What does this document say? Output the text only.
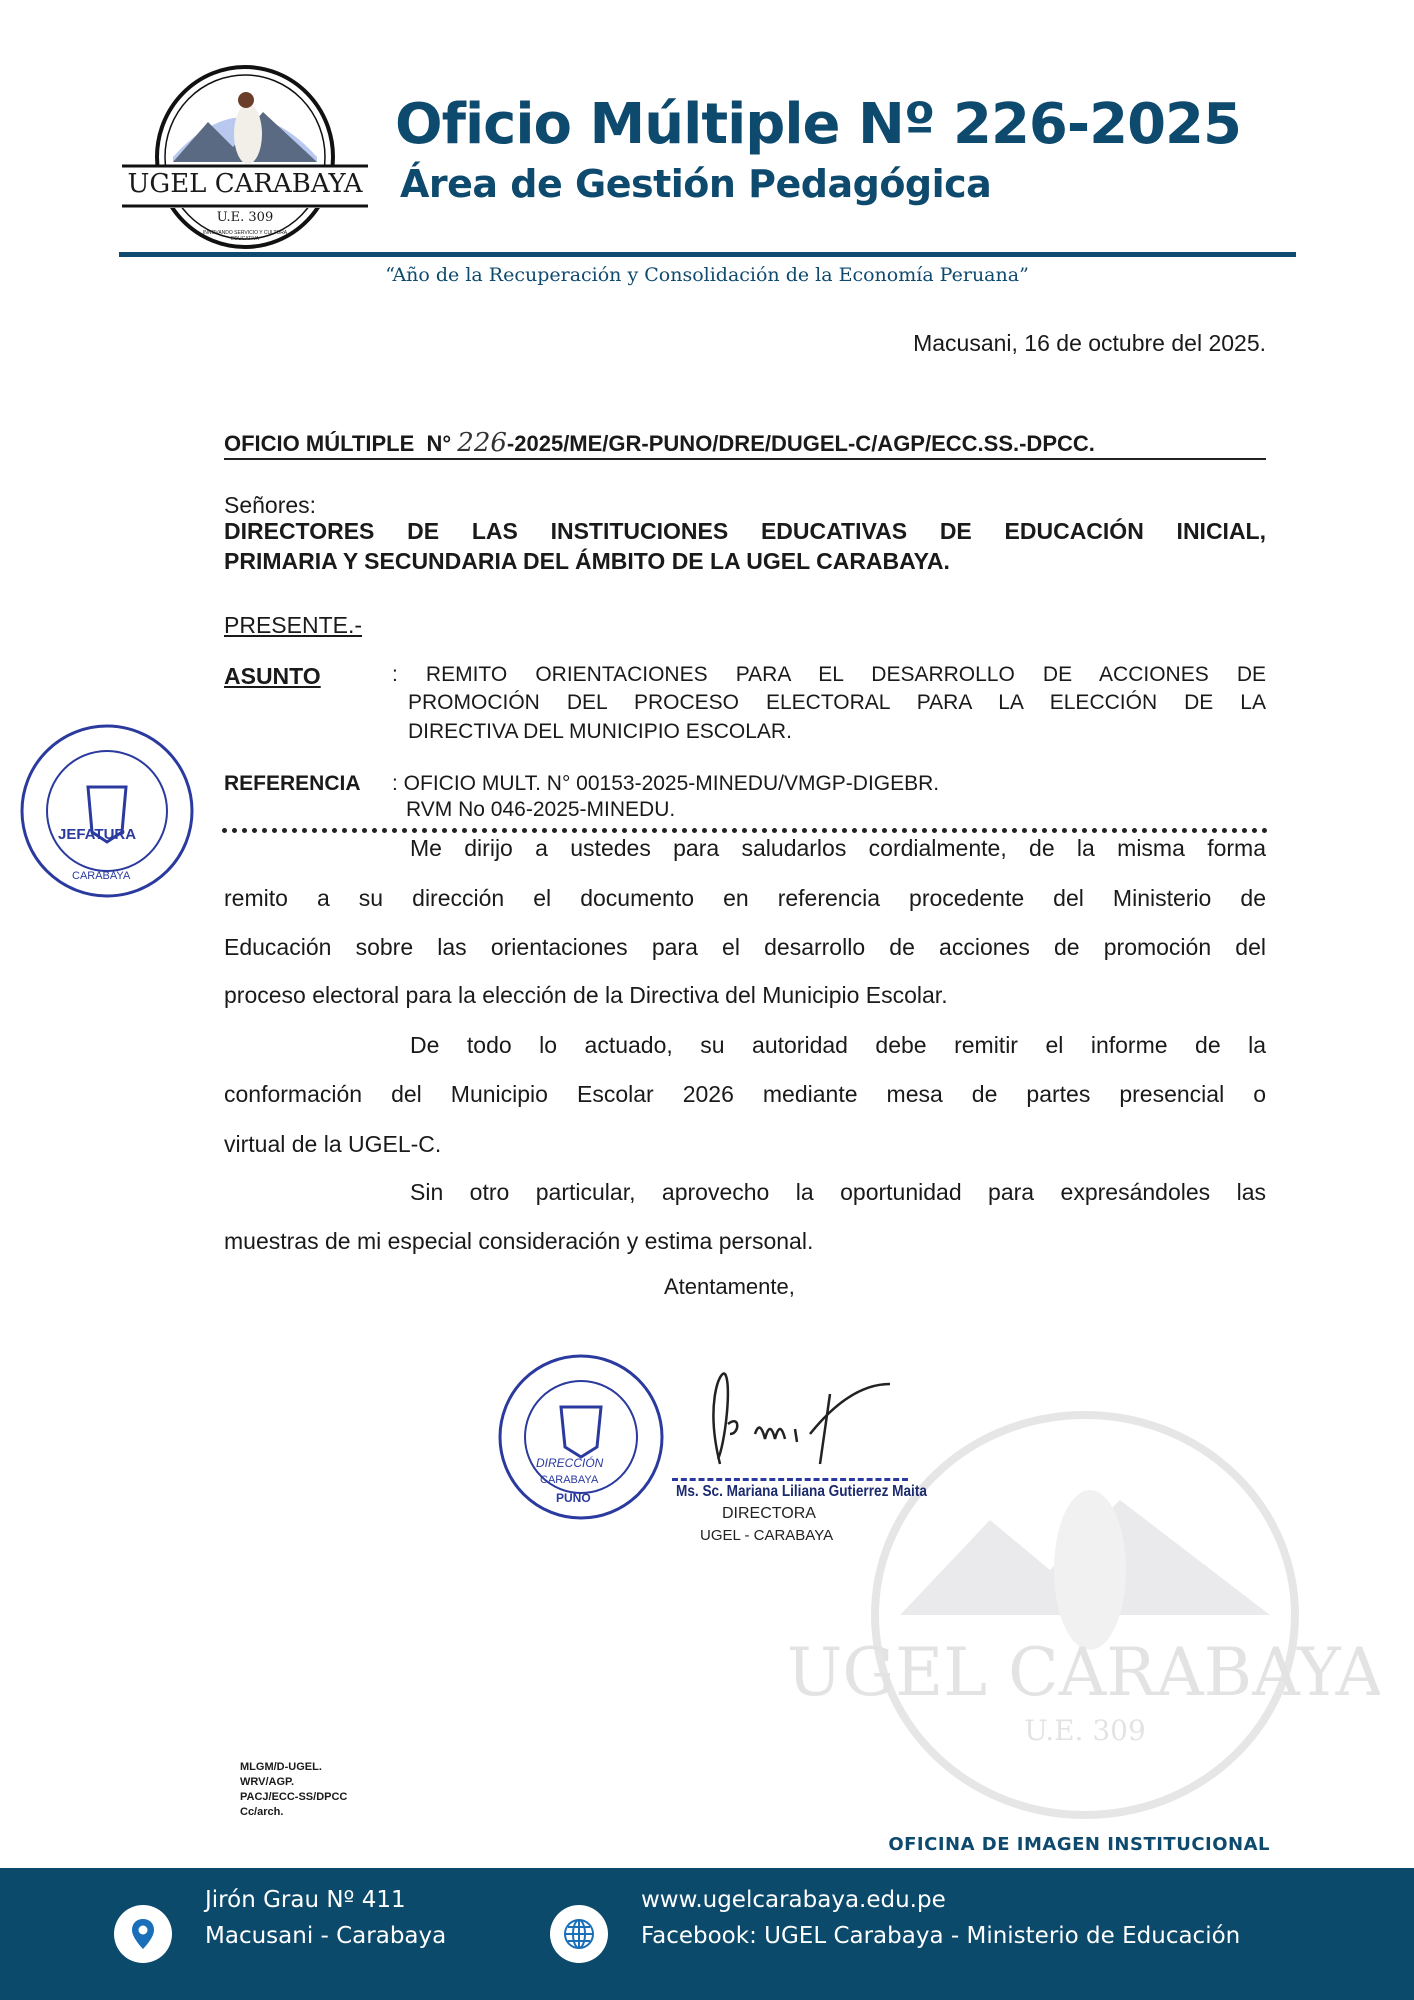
UGEL CARABAYA
U.E. 309
INNOVANDO SERVICIO Y CULTURA EDUCATIVA
Oficio Múltiple Nº 226-2025
Área de Gestión Pedagógica
“Año de la Recuperación y Consolidación de la Economía Peruana”
UGEL CARABAYA
U.E. 309
Macusani, 16 de octubre del 2025.
OFICIO MÚLTIPLE  N° 226-2025/ME/GR-PUNO/DRE/DUGEL-C/AGP/ECC.SS.-DPCC.
Señores:
DIRECTORES DE LAS INSTITUCIONES EDUCATIVAS DE EDUCACIÓN INICIAL,
PRIMARIA Y SECUNDARIA DEL ÁMBITO DE LA UGEL CARABAYA.
PRESENTE.-
ASUNTO	: REMITO ORIENTACIONES PARA EL DESARROLLO DE ACCIONES DE
PROMOCIÓN DEL PROCESO ELECTORAL PARA LA ELECCIÓN DE LA
DIRECTIVA DEL MUNICIPIO ESCOLAR.
REFERENCIA : OFICIO MULT. N° 00153-2025-MINEDU/VMGP-DIGEBR.
RVM No 046-2025-MINEDU.
Me dirijo a ustedes para saludarlos cordialmente, de la misma forma
remito a su dirección el documento en referencia procedente del Ministerio de
Educación sobre las orientaciones para el desarrollo de acciones de promoción del
proceso electoral para la elección de la Directiva del Municipio Escolar.
De todo lo actuado, su autoridad debe remitir el informe de la
conformación del Municipio Escolar 2026 mediante mesa de partes presencial o
virtual de la UGEL-C.
Sin otro particular, aprovecho la oportunidad para expresándoles las
muestras de mi especial consideración y estima personal.
Atentamente,
JEFATURA
CARABAYA
DIRECCIÓN
CARABAYA
PUNO	Ms. Sc. Mariana Liliana Gutierrez Maita
DIRECTORA
UGEL - CARABAYA
MLGM/D-UGEL.
WRV/AGP.
PACJ/ECC-SS/DPCC
Cc/arch.
OFICINA DE IMAGEN INSTITUCIONAL
Jirón Grau Nº 411
Macusani - Carabaya
www.ugelcarabaya.edu.pe
Facebook: UGEL Carabaya - Ministerio de Educación
